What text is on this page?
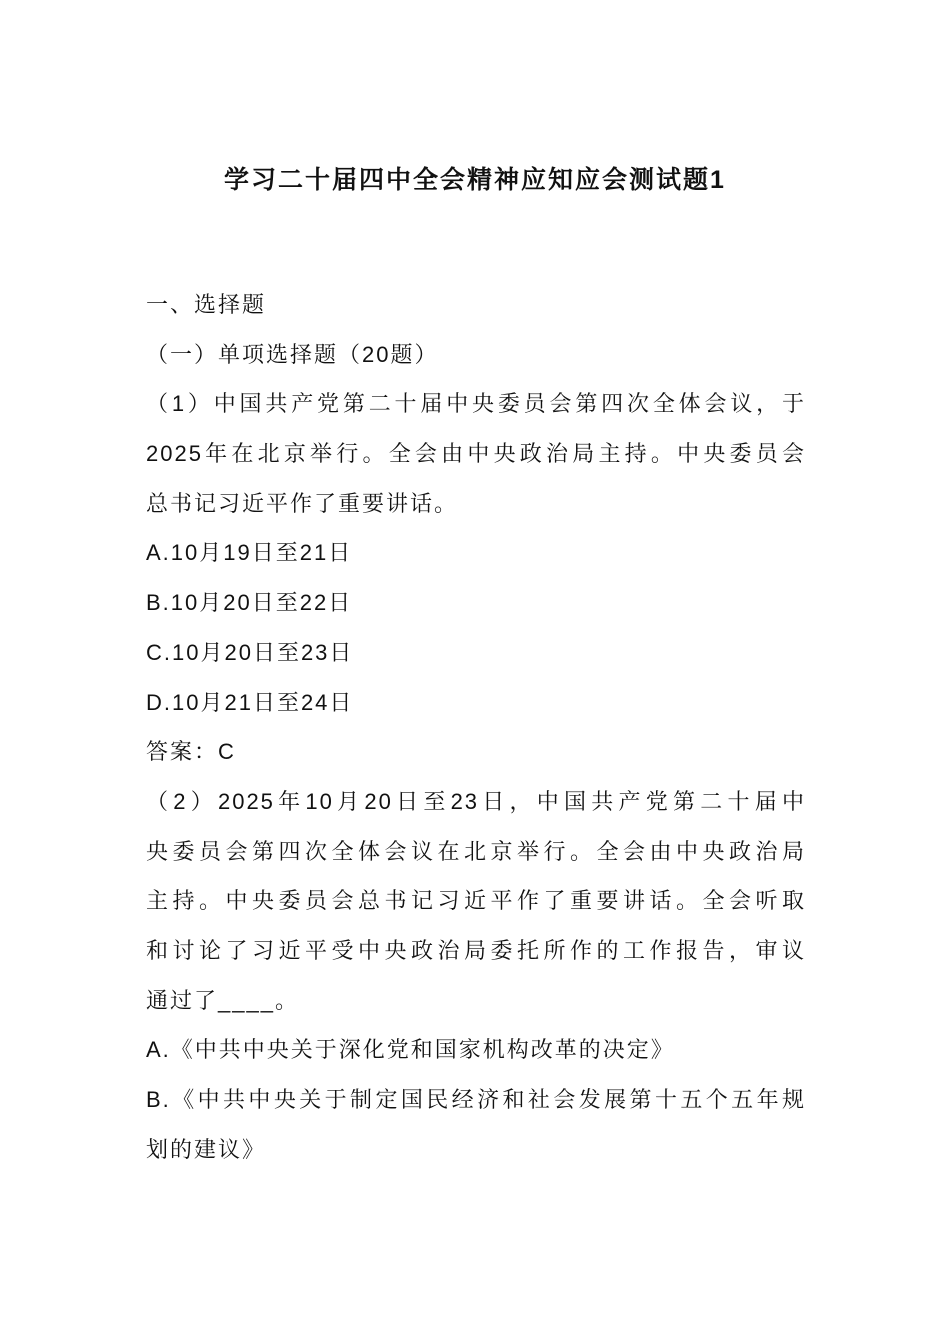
学习二十届四中全会精神应知应会测试题1
一、选择题
（一）单项选择题（20题）
（1）中国共产党第二十届中央委员会第四次全体会议，于
2025年在北京举行。全会由中央政治局主持。中央委员会
总书记习近平作了重要讲话。
A.10月19日至21日
B.10月20日至22日
C.10月20日至23日
D.10月21日至24日
答案：C
（2）2025年10月20日至23日，中国共产党第二十届中
央委员会第四次全体会议在北京举行。全会由中央政治局
主持。中央委员会总书记习近平作了重要讲话。全会听取
和讨论了习近平受中央政治局委托所作的工作报告，审议
通过了____。
A.《中共中央关于深化党和国家机构改革的决定》
B.《中共中央关于制定国民经济和社会发展第十五个五年规
划的建议》
